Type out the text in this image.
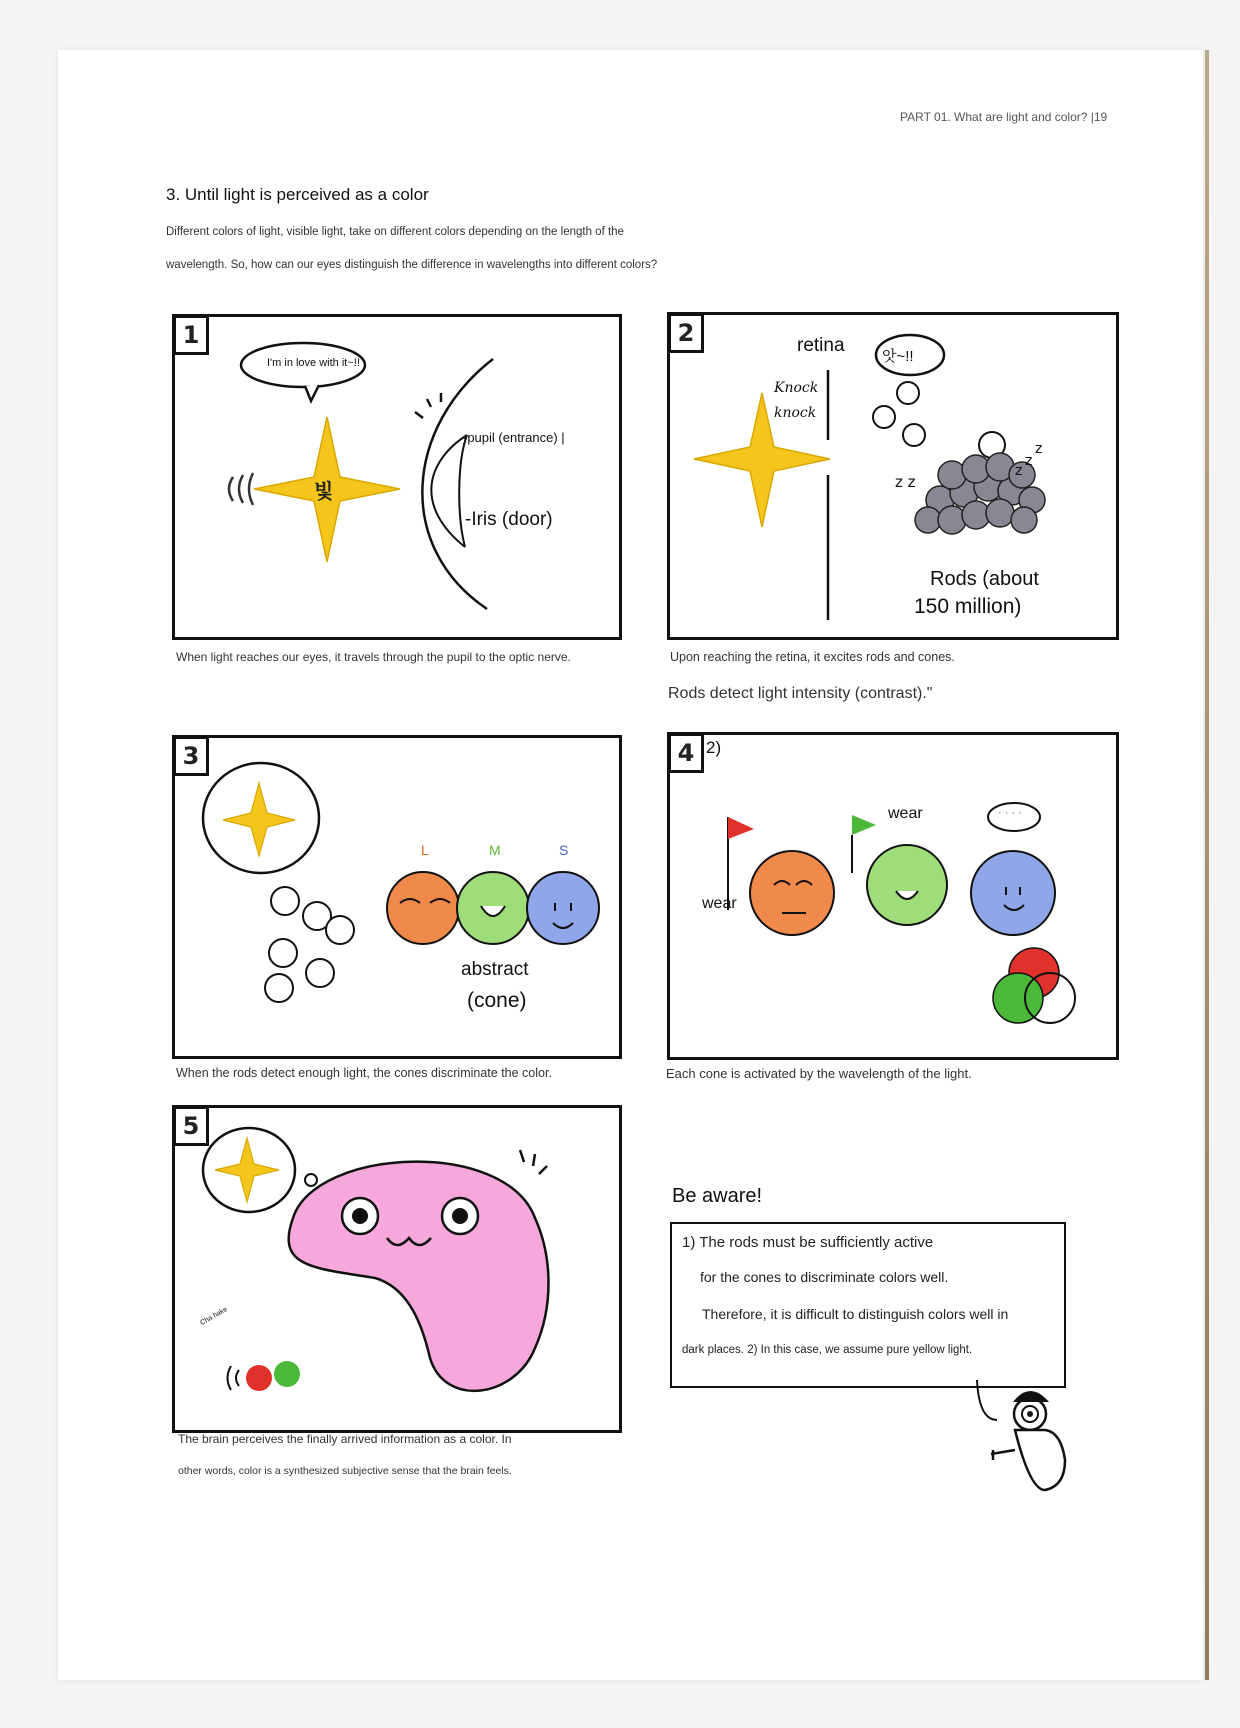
PART 01. What are light and color? |19
3. Until light is perceived as a color
Different colors of light, visible light, take on different colors depending on the length of the
wavelength. So, how can our eyes distinguish the difference in wavelengths into different colors?
1
I'm in love with it~!!
빛
-pupil (entrance) |
-Iris (door)
When light reaches our eyes, it travels through the pupil to the optic nerve.
z
z
z
z z
2	retina
Knock
knock
앗~!!
Rods (about
150 million)
Upon reaching the retina, it excites rods and cones.
Rods detect light intensity (contrast)."
3
L	M	S
abstract
(cone)
When the rods detect enough light, the cones discriminate the color.
4 2)
wear
wear	· · · ·
Each cone is activated by the wavelength of the light.
5
Cha hake
The brain perceives the finally arrived information as a color. In
other words, color is a synthesized subjective sense that the brain feels.
Be aware!
1) The rods must be sufficiently active
for the cones to discriminate colors well.
Therefore, it is difficult to distinguish colors well in
dark places. 2) In this case, we assume pure yellow light.
